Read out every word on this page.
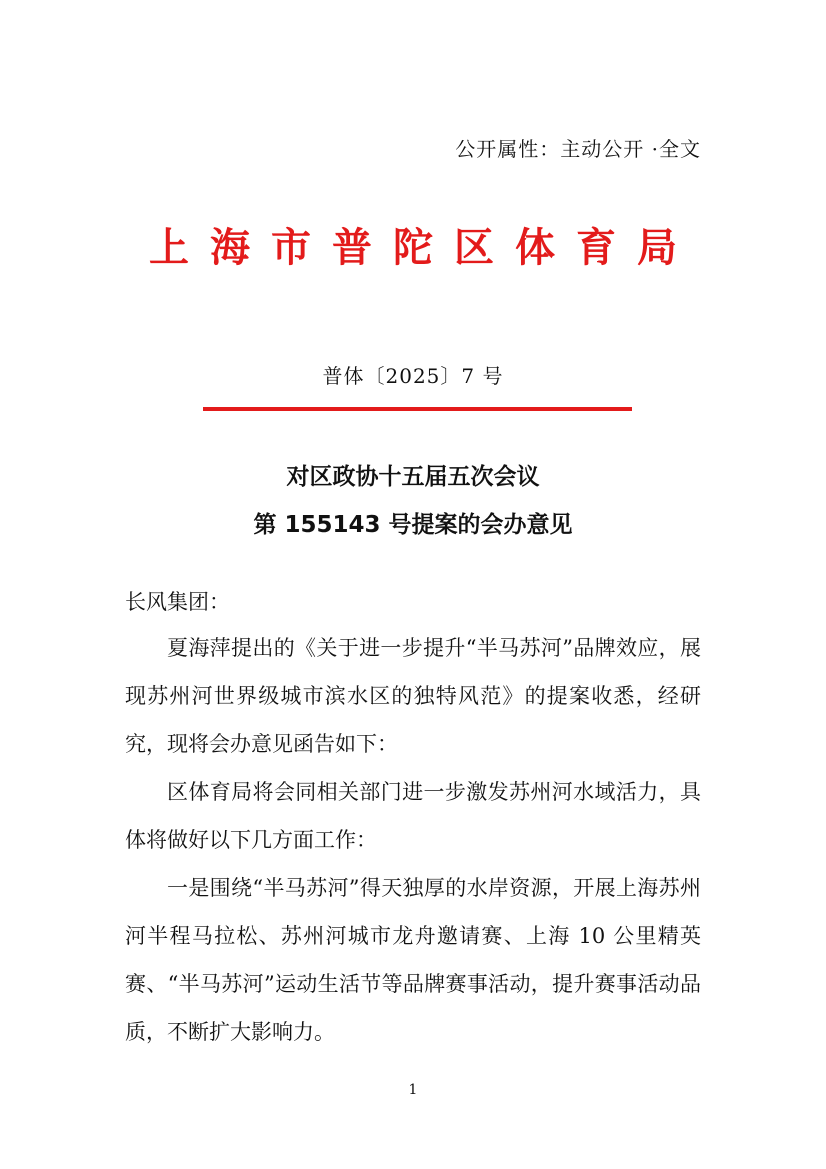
公开属性：主动公开 ·全文
上海市普陀区体育局
普体〔2025〕7 号
对区政协十五届五次会议
第 155143 号提案的会办意见
长风集团：
夏海萍提出的《关于进一步提升“半马苏河”品牌效应，展现苏州河世界级城市滨水区的独特风范》的提案收悉，经研究，现将会办意见函告如下：
区体育局将会同相关部门进一步激发苏州河水域活力，具体将做好以下几方面工作：
一是围绕“半马苏河”得天独厚的水岸资源，开展上海苏州河半程马拉松、苏州河城市龙舟邀请赛、上海 10 公里精英赛、“半马苏河”运动生活节等品牌赛事活动，提升赛事活动品质，不断扩大影响力。
1
